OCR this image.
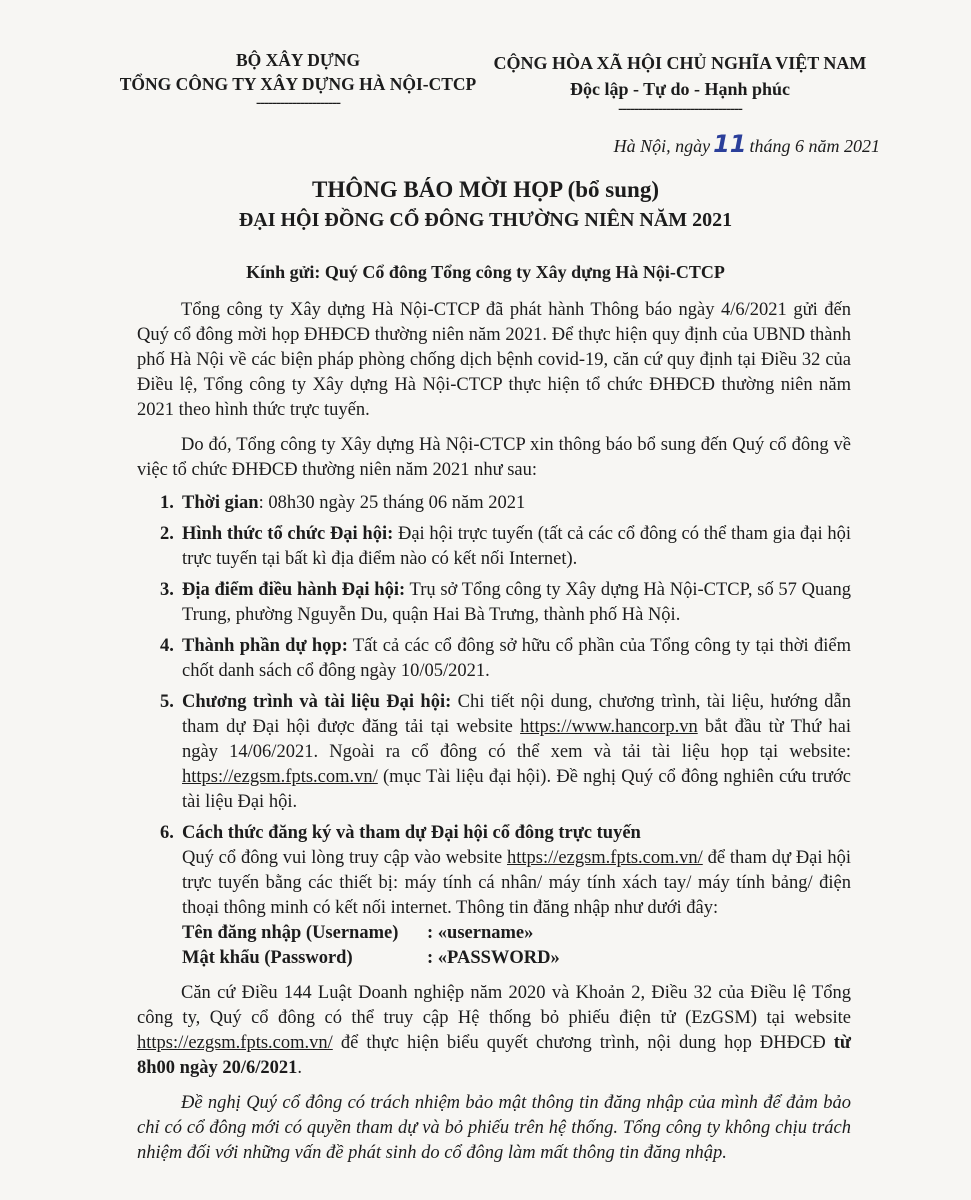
BỘ XÂY DỰNG
TỔNG CÔNG TY XÂY DỰNG HÀ NỘI-CTCP
---------------------
CỘNG HÒA XÃ HỘI CHỦ NGHĨA VIỆT NAM
Độc lập - Tự do - Hạnh phúc
-------------------------------
Hà Nội, ngày 11 tháng 6 năm 2021
THÔNG BÁO MỜI HỌP (bổ sung)
ĐẠI HỘI ĐỒNG CỔ ĐÔNG THƯỜNG NIÊN NĂM 2021
Kính gửi: Quý Cổ đông Tổng công ty Xây dựng Hà Nội-CTCP

Tổng công ty Xây dựng Hà Nội-CTCP đã phát hành Thông báo ngày 4/6/2021 gửi đến Quý cổ đông mời họp ĐHĐCĐ thường niên năm 2021. Để thực hiện quy định của UBND thành phố Hà Nội về các biện pháp phòng chống dịch bệnh covid-19, căn cứ quy định tại Điều 32 của Điều lệ, Tổng công ty Xây dựng Hà Nội-CTCP thực hiện tổ chức ĐHĐCĐ thường niên năm 2021 theo hình thức trực tuyến.

Do đó, Tổng công ty Xây dựng Hà Nội-CTCP xin thông báo bổ sung đến Quý cổ đông về việc tổ chức ĐHĐCĐ thường niên năm 2021 như sau:

1. Thời gian: 08h30 ngày 25 tháng 06 năm 2021
2. Hình thức tổ chức Đại hội: Đại hội trực tuyến (tất cả các cổ đông có thể tham gia đại hội trực tuyến tại bất kì địa điểm nào có kết nối Internet).
3. Địa điểm điều hành Đại hội: Trụ sở Tổng công ty Xây dựng Hà Nội-CTCP, số 57 Quang Trung, phường Nguyễn Du, quận Hai Bà Trưng, thành phố Hà Nội.
4. Thành phần dự họp: Tất cả các cổ đông sở hữu cổ phần của Tổng công ty tại thời điểm chốt danh sách cổ đông ngày 10/05/2021.
5. Chương trình và tài liệu Đại hội: Chi tiết nội dung, chương trình, tài liệu, hướng dẫn tham dự Đại hội được đăng tải tại website https://www.hancorp.vn bắt đầu từ Thứ hai ngày 14/06/2021. Ngoài ra cổ đông có thể xem và tải tài liệu họp tại website: https://ezgsm.fpts.com.vn/ (mục Tài liệu đại hội). Đề nghị Quý cổ đông nghiên cứu trước tài liệu Đại hội.
6. Cách thức đăng ký và tham dự Đại hội cổ đông trực tuyến
Quý cổ đông vui lòng truy cập vào website https://ezgsm.fpts.com.vn/ để tham dự Đại hội trực tuyến bằng các thiết bị: máy tính cá nhân/ máy tính xách tay/ máy tính bảng/ điện thoại thông minh có kết nối internet. Thông tin đăng nhập như dưới đây:
Tên đăng nhập (Username)	: «username»
Mật khẩu (Password)	: «PASSWORD»

Căn cứ Điều 144 Luật Doanh nghiệp năm 2020 và Khoản 2, Điều 32 của Điều lệ Tổng công ty, Quý cổ đông có thể truy cập Hệ thống bỏ phiếu điện tử (EzGSM) tại website https://ezgsm.fpts.com.vn/ để thực hiện biểu quyết chương trình, nội dung họp ĐHĐCĐ từ 8h00 ngày 20/6/2021.

Đề nghị Quý cổ đông có trách nhiệm bảo mật thông tin đăng nhập của mình để đảm bảo chỉ có cổ đông mới có quyền tham dự và bỏ phiếu trên hệ thống. Tổng công ty không chịu trách nhiệm đối với những vấn đề phát sinh do cổ đông làm mất thông tin đăng nhập.
